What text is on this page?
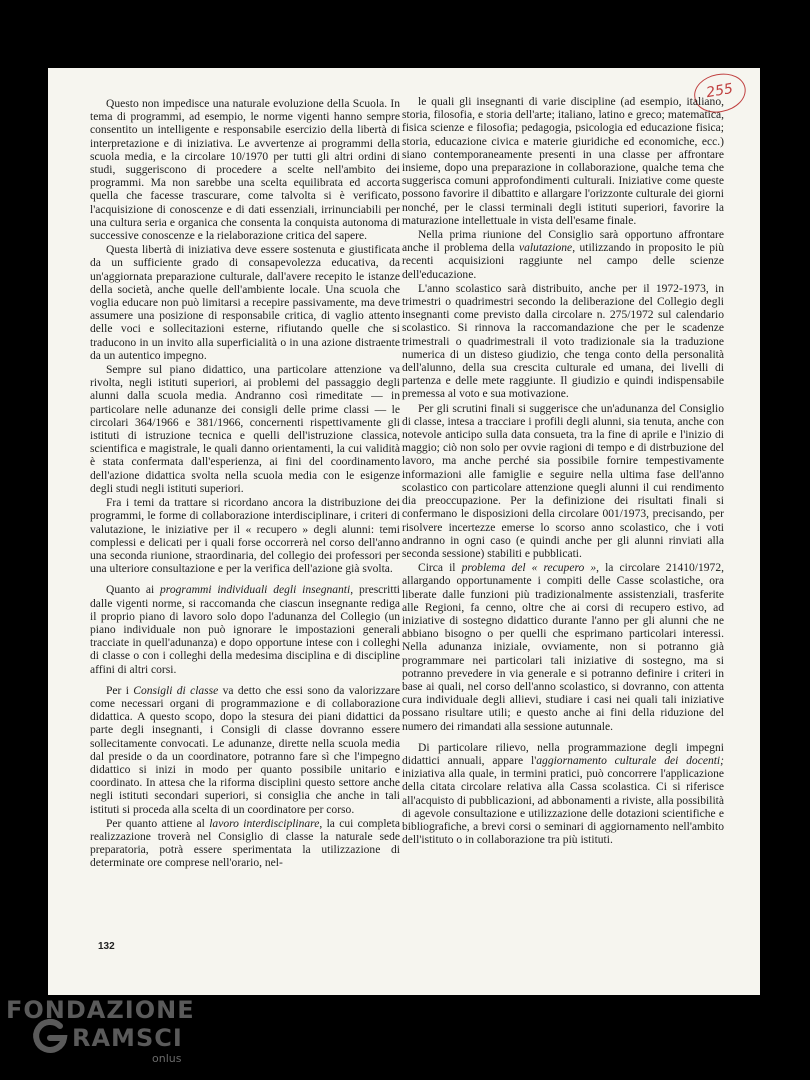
255

Questo non impedisce una naturale evoluzione della Scuola. In tema di programmi, ad esempio, le norme vigenti hanno sempre consentito un intelligente e responsabile esercizio della libertà di interpretazione e di iniziativa. Le avvertenze ai programmi della scuola media, e la circolare 10/1970 per tutti gli altri ordini di studi, suggeriscono di procedere a scelte nell'ambito dei programmi. Ma non sarebbe una scelta equilibrata ed accorta quella che facesse trascurare, come talvolta si è verificato, l'acquisizione di conoscenze e di dati essenziali, irrinunciabili per una cultura seria e organica che consenta la conquista autonoma di successive conoscenze e la rielaborazione critica del sapere.

Questa libertà di iniziativa deve essere sostenuta e giustificata da un sufficiente grado di consapevolezza educativa, da un'aggiornata preparazione culturale, dall'avere recepito le istanze della società, anche quelle dell'ambiente locale. Una scuola che voglia educare non può limitarsi a recepire passivamente, ma deve assumere una posizione di responsabile critica, di vaglio attento delle voci e sollecitazioni esterne, rifiutando quelle che si traducono in un invito alla superficialità o in una azione distraente da un autentico impegno.

Sempre sul piano didattico, una particolare attenzione va rivolta, negli istituti superiori, ai problemi del passaggio degli alunni dalla scuola media. Andranno così rimeditate — in particolare nelle adunanze dei consigli delle prime classi — le circolari 364/1966 e 381/1966, concernenti rispettivamente gli istituti di istruzione tecnica e quelli dell'istruzione classica, scientifica e magistrale, le quali danno orientamenti, la cui validità è stata confermata dall'esperienza, ai fini del coordinamento dell'azione didattica svolta nella scuola media con le esigenze degli studi negli istituti superiori.

Fra i temi da trattare si ricordano ancora la distribuzione dei programmi, le forme di collaborazione interdisciplinare, i criteri di valutazione, le iniziative per il « recupero » degli alunni: temi complessi e delicati per i quali forse occorrerà nel corso dell'anno una seconda riunione, straordinaria, del collegio dei professori per una ulteriore consultazione e per la verifica dell'azione già svolta.

Quanto ai programmi individuali degli insegnanti, prescritti dalle vigenti norme, si raccomanda che ciascun insegnante rediga il proprio piano di lavoro solo dopo l'adunanza del Collegio (un piano individuale non può ignorare le impostazioni generali tracciate in quell'adunanza) e dopo opportune intese con i colleghi di classe o con i colleghi della medesima disciplina e di discipline affini di altri corsi.

Per i Consigli di classe va detto che essi sono da valorizzare come necessari organi di programmazione e di collaborazione didattica. A questo scopo, dopo la stesura dei piani didattici da parte degli insegnanti, i Consigli di classe dovranno essere sollecitamente convocati. Le adunanze, dirette nella scuola media dal preside o da un coordinatore, potranno fare sì che l'impegno didattico si inizi in modo per quanto possibile unitario e coordinato. In attesa che la riforma disciplini questo settore anche negli istituti secondari superiori, si consiglia che anche in tali istituti si proceda alla scelta di un coordinatore per corso.

Per quanto attiene al lavoro interdisciplinare, la cui completa realizzazione troverà nel Consiglio di classe la naturale sede preparatoria, potrà essere sperimentata la utilizzazione di determinate ore comprese nell'orario, nel-

le quali gli insegnanti di varie discipline (ad esempio, italiano, storia, filosofia, e storia dell'arte; italiano, latino e greco; matematica, fisica scienze e filosofia; pedagogia, psicologia ed educazione fisica; storia, educazione civica e materie giuridiche ed economiche, ecc.) siano contemporaneamente presenti in una classe per affrontare insieme, dopo una preparazione in collaborazione, qualche tema che suggerisca comuni approfondimenti culturali. Iniziative come queste possono favorire il dibattito e allargare l'orizzonte culturale dei giorni nonché, per le classi terminali degli istituti superiori, favorire la maturazione intellettuale in vista dell'esame finale.

Nella prima riunione del Consiglio sarà opportuno affrontare anche il problema della valutazione, utilizzando in proposito le più recenti acquisizioni raggiunte nel campo delle scienze dell'educazione.

L'anno scolastico sarà distribuito, anche per il 1972-1973, in trimestri o quadrimestri secondo la deliberazione del Collegio degli insegnanti come previsto dalla circolare n. 275/1972 sul calendario scolastico. Si rinnova la raccomandazione che per le scadenze trimestrali o quadrimestrali il voto tradizionale sia la traduzione numerica di un disteso giudizio, che tenga conto della personalità dell'alunno, della sua crescita culturale ed umana, dei livelli di partenza e delle mete raggiunte. Il giudizio e quindi indispensabile premessa al voto e sua motivazione.

Per gli scrutini finali si suggerisce che un'adunanza del Consiglio di classe, intesa a tracciare i profili degli alunni, sia tenuta, anche con notevole anticipo sulla data consueta, tra la fine di aprile e l'inizio di maggio; ciò non solo per ovvie ragioni di tempo e di distrbuzione del lavoro, ma anche perché sia possibile fornire tempestivamente informazioni alle famiglie e seguire nella ultima fase dell'anno scolastico con particolare attenzione quegli alunni il cui rendimento dia preoccupazione. Per la definizione dei risultati finali si confermano le disposizioni della circolare 001/1973, precisando, per risolvere incertezze emerse lo scorso anno scolastico, che i voti andranno in ogni caso (e quindi anche per gli alunni rinviati alla seconda sessione) stabiliti e pubblicati.

Circa il problema del « recupero », la circolare 21410/1972, allargando opportunamente i compiti delle Casse scolastiche, ora liberate dalle funzioni più tradizionalmente assistenziali, trasferite alle Regioni, fa cenno, oltre che ai corsi di recupero estivo, ad iniziative di sostegno didattico durante l'anno per gli alunni che ne abbiano bisogno o per quelli che esprimano particolari interessi. Nella adunanza iniziale, ovviamente, non si potranno già programmare nei particolari tali iniziative di sostegno, ma si potranno prevedere in via generale e si potranno definire i criteri in base ai quali, nel corso dell'anno scolastico, si dovranno, con attenta cura individuale degli allievi, studiare i casi nei quali tali iniziative possano risultare utili; e questo anche ai fini della riduzione del numero dei rimandati alla sessione autunnale.

Di particolare rilievo, nella programmazione degli impegni didattici annuali, appare l'aggiornamento culturale dei docenti; iniziativa alla quale, in termini pratici, può concorrere l'applicazione della citata circolare relativa alla Cassa scolastica. Ci si riferisce all'acquisto di pubblicazioni, ad abbonamenti a riviste, alla possibilità di agevole consultazione e utilizzazione delle dotazioni scientifiche e bibliografiche, a brevi corsi o seminari di aggiornamento nell'ambito dell'istituto o in collaborazione tra più istituti.

132
FONDAZIONE
RAMSCI
onlus
